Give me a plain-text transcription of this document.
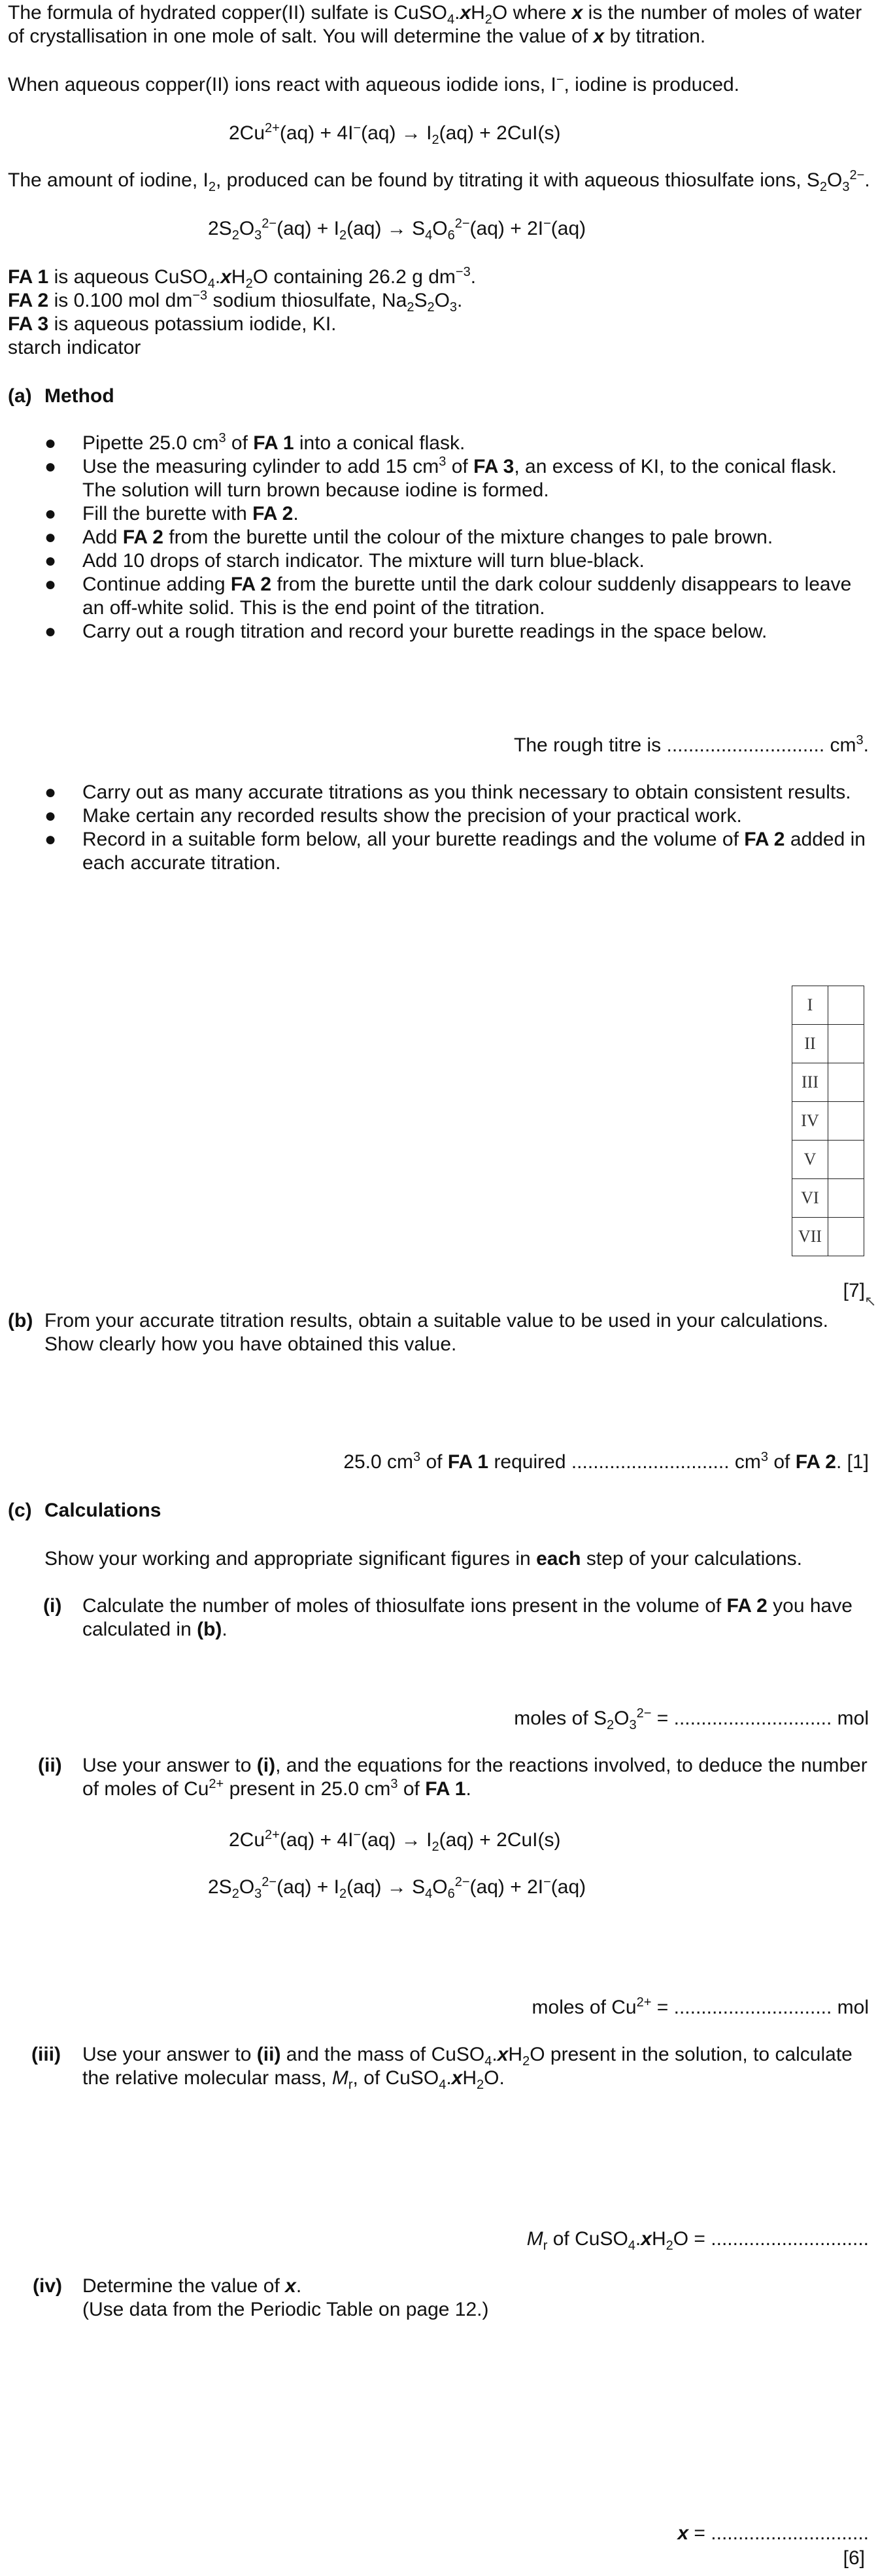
The formula of hydrated copper(II) sulfate is $CuSO_4.xH_2O$ where x is the number of moles of water
of crystallisation in one mole of salt. You will determine the value of x by titration.
When aqueous copper(II) ions react with aqueous iodide ions, I−, iodine is produced.
$2Cu^{2+}(aq) + 4I^-(aq) \to I_2(aq) + 2CuI(s)$
The amount of iodine, $I_2$, produced can be found by titrating it with aqueous thiosulfate ions, $S_2O_3^{2-}$.
$2S_2O_3^{2-}(aq) + I_2(aq) \to S_4O_6^{2-}(aq) + 2I^-(aq)$
FA 1 is aqueous $CuSO_4.xH_2O$ containing 26.2 g $dm^{-3}$.
FA 2 is 0.100 mol $dm^{-3}$ sodium thiosulfate, $Na_2S_2O_3$.
FA 3 is aqueous potassium iodide, KI.
starch indicator
(a) Method
● Pipette 25.0 $cm^3$ of FA 1 into a conical flask.
● Use the measuring cylinder to add 15 $cm^3$ of FA 3, an excess of KI, to the conical flask. The solution will turn brown because iodine is formed.
● Fill the burette with FA 2.
● Add FA 2 from the burette until the colour of the mixture changes to pale brown.
● Add 10 drops of starch indicator. The mixture will turn blue-black.
● Continue adding FA 2 from the burette until the dark colour suddenly disappears to leave an off-white solid. This is the end point of the titration.
● Carry out a rough titration and record your burette readings in the space below.
The rough titre is ............................. $cm^3$.
● Carry out as many accurate titrations as you think necessary to obtain consistent results.
● Make certain any recorded results show the precision of your practical work.
● Record in a suitable form below, all your burette readings and the volume of FA 2 added in each accurate titration.
I	
II	
III	
IV	
V	
VI	
VII	
[7] ↖
(b) From your accurate titration results, obtain a suitable value to be used in your calculations. Show clearly how you have obtained this value.
25.0 $cm^3$ of FA 1 required ............................. $cm^3$ of FA 2. [1]
(c) Calculations
Show your working and appropriate significant figures in each step of your calculations.
(i) Calculate the number of moles of thiosulfate ions present in the volume of FA 2 you have calculated in (b).
moles of $S_2O_3^{2-}$ = ............................. mol
(ii) Use your answer to (i), and the equations for the reactions involved, to deduce the number of moles of $Cu^{2+}$ present in 25.0 $cm^3$ of FA 1.
$2Cu^{2+}(aq) + 4I^-(aq) \to I_2(aq) + 2CuI(s)$
$2S_2O_3^{2-}(aq) + I_2(aq) \to S_4O_6^{2-}(aq) + 2I^-(aq)$
moles of $Cu^{2+}$ = ............................. mol
(iii) Use your answer to (ii) and the mass of $CuSO_4.xH_2O$ present in the solution, to calculate the relative molecular mass, $M_r$, of $CuSO_4.xH_2O$.
$M_r$ of $CuSO_4.xH_2O$ = .............................
(iv) Determine the value of x.
(Use data from the Periodic Table on page 12.)
x = .............................
[6]
